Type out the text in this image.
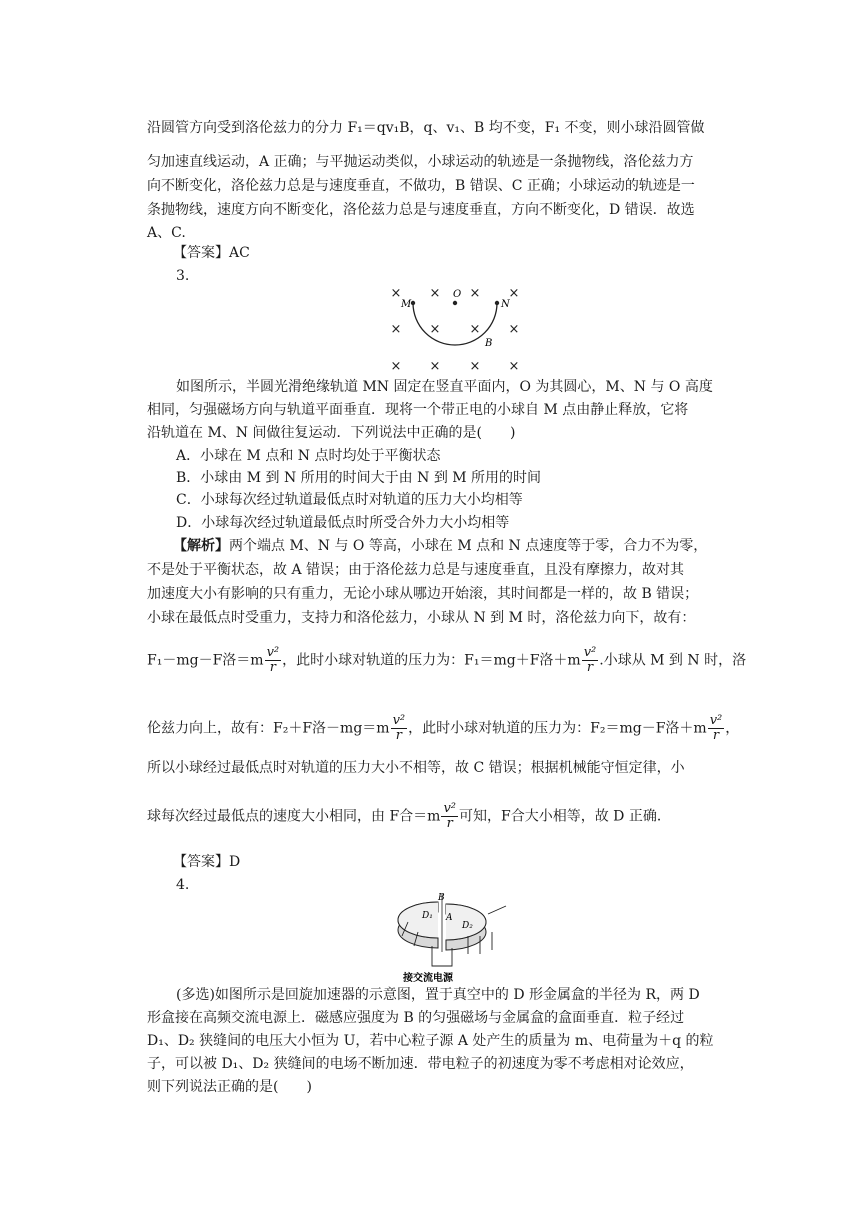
沿圆管方向受到洛伦兹力的分力 F₁＝qv₁B，q、v₁、B 均不变，F₁ 不变，则小球沿圆管做
匀加速直线运动，A 正确；与平抛运动类似，小球运动的轨迹是一条抛物线，洛伦兹力方
向不断变化，洛伦兹力总是与速度垂直，不做功，B 错误、C 正确；小球运动的轨迹是一
条抛物线，速度方向不断变化，洛伦兹力总是与速度垂直，方向不断变化，D 错误．故选
A、C.
【答案】AC
3.
× × × ×
× × × ×
× × × ×
M
O
N
B
如图所示，半圆光滑绝缘轨道 MN 固定在竖直平面内，O 为其圆心，M、N 与 O 高度
相同，匀强磁场方向与轨道平面垂直．现将一个带正电的小球自 M 点由静止释放，它将
沿轨道在 M、N 间做往复运动．下列说法中正确的是(　　)
A．小球在 M 点和 N 点时均处于平衡状态
B．小球由 M 到 N 所用的时间大于由 N 到 M 所用的时间
C．小球每次经过轨道最低点时对轨道的压力大小均相等
D．小球每次经过轨道最低点时所受合外力大小均相等
【解析】两个端点 M、N 与 O 等高，小球在 M 点和 N 点速度等于零，合力不为零，
不是处于平衡状态，故 A 错误；由于洛伦兹力总是与速度垂直，且没有摩擦力，故对其
加速度大小有影响的只有重力，无论小球从哪边开始滚，其时间都是一样的，故 B 错误；
小球在最低点时受重力，支持力和洛伦兹力，小球从 N 到 M 时，洛伦兹力向下，故有：
F₁－mg－F洛$=m \frac{\text{v²}}{r}$ ，此时小球对轨道的压力为：F₁＝mg＋F洛$+m \frac{\text{v²}}{r}$ .小球从 M 到 N 时，洛
伦兹力向上，故有：F₂＋F洛$-mg=m \frac{\text{v²}}{r}$ ，此时小球对轨道的压力为：F₂＝mg－F洛$+m \frac{\text{v²}}{r}$ ，
所以小球经过最低点时对轨道的压力大小不相等，故 C 错误；根据机械能守恒定律，小
球每次经过最低点的速度大小相同，由 F合$=m \frac{\text{v²}}{r}$ 可知，F合大小相等，故 D 正确．
【答案】D
4.
B
A
D₁
D₂
接交流电源
(多选)如图所示是回旋加速器的示意图，置于真空中的 D 形金属盒的半径为 R，两 D
形盒接在高频交流电源上．磁感应强度为 B 的匀强磁场与金属盒的盒面垂直．粒子经过
D₁、D₂ 狭缝间的电压大小恒为 U，若中心粒子源 A 处产生的质量为 m、电荷量为＋q 的粒
子，可以被 D₁、D₂ 狭缝间的电场不断加速．带电粒子的初速度为零不考虑相对论效应，
则下列说法正确的是(　　)
